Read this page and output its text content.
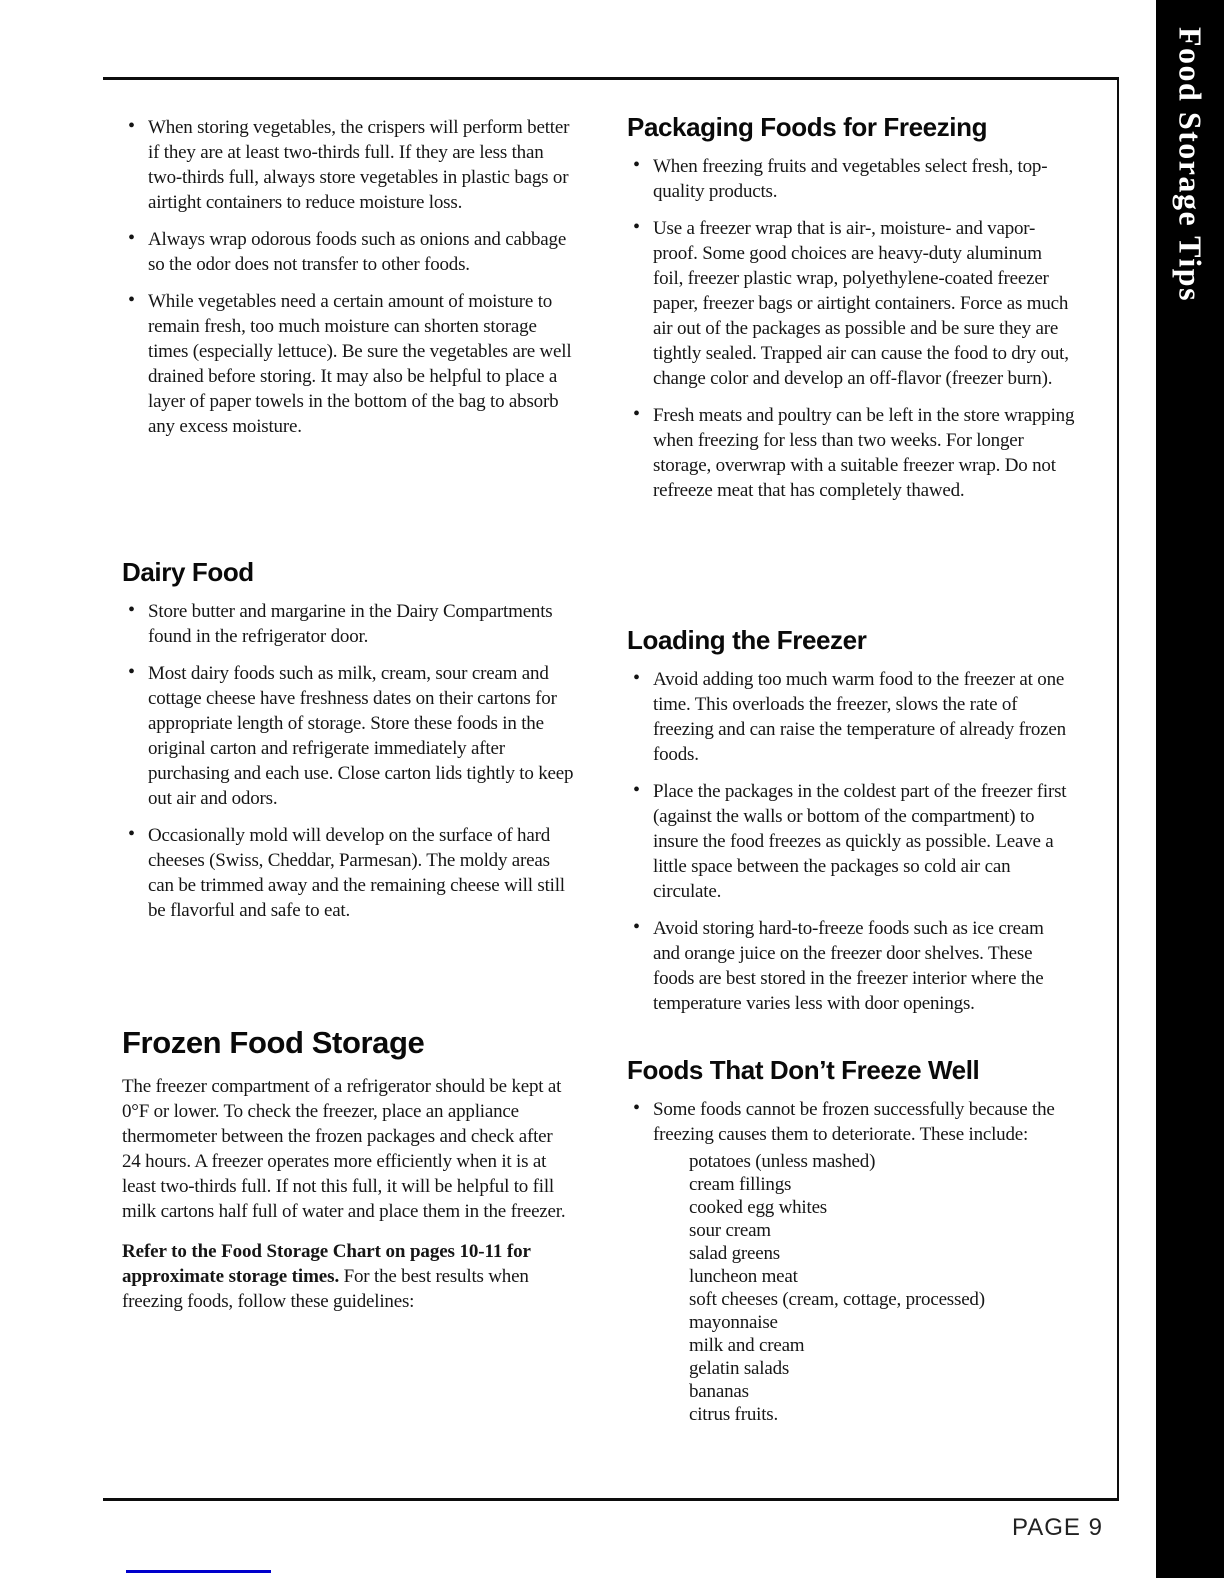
Food Storage Tips
• When storing vegetables, the crispers will perform better if they are at least two-thirds full. If they are less than two-thirds full, always store vegetables in plastic bags or airtight containers to reduce moisture loss.
• Always wrap odorous foods such as onions and cabbage so the odor does not transfer to other foods.
• While vegetables need a certain amount of moisture to remain fresh, too much moisture can shorten storage times (especially lettuce). Be sure the vegetables are well drained before storing. It may also be helpful to place a layer of paper towels in the bottom of the bag to absorb any excess moisture.
Dairy Food
• Store butter and margarine in the Dairy Compartments found in the refrigerator door.
• Most dairy foods such as milk, cream, sour cream and cottage cheese have freshness dates on their cartons for appropriate length of storage. Store these foods in the original carton and refrigerate immediately after purchasing and each use. Close carton lids tightly to keep out air and odors.
• Occasionally mold will develop on the surface of hard cheeses (Swiss, Cheddar, Parmesan). The moldy areas can be trimmed away and the remaining cheese will still be flavorful and safe to eat.
Frozen Food Storage

The freezer compartment of a refrigerator should be kept at 0°F or lower. To check the freezer, place an appliance thermometer between the frozen packages and check after 24 hours. A freezer operates more efficiently when it is at least two-thirds full. If not this full, it will be helpful to fill milk cartons half full of water and place them in the freezer.

Refer to the Food Storage Chart on pages 10-11 for approximate storage times. For the best results when freezing foods, follow these guidelines:

Packaging Foods for Freezing
• When freezing fruits and vegetables select fresh, top-quality products.
• Use a freezer wrap that is air-, moisture- and vapor-proof. Some good choices are heavy-duty aluminum foil, freezer plastic wrap, polyethylene-coated freezer paper, freezer bags or airtight containers. Force as much air out of the packages as possible and be sure they are tightly sealed. Trapped air can cause the food to dry out, change color and develop an off-flavor (freezer burn).
• Fresh meats and poultry can be left in the store wrapping when freezing for less than two weeks. For longer storage, overwrap with a suitable freezer wrap. Do not refreeze meat that has completely thawed.
Loading the Freezer
• Avoid adding too much warm food to the freezer at one time. This overloads the freezer, slows the rate of freezing and can raise the temperature of already frozen foods.
• Place the packages in the coldest part of the freezer first (against the walls or bottom of the compartment) to insure the food freezes as quickly as possible. Leave a little space between the packages so cold air can circulate.
• Avoid storing hard-to-freeze foods such as ice cream and orange juice on the freezer door shelves. These foods are best stored in the freezer interior where the temperature varies less with door openings.
Foods That Don’t Freeze Well
• Some foods cannot be frozen successfully because the freezing causes them to deteriorate. These include:
potatoes (unless mashed)
cream fillings
cooked egg whites
sour cream
salad greens
luncheon meat
soft cheeses (cream, cottage, processed)
mayonnaise
milk and cream
gelatin salads
bananas
citrus fruits.
PAGE 9
